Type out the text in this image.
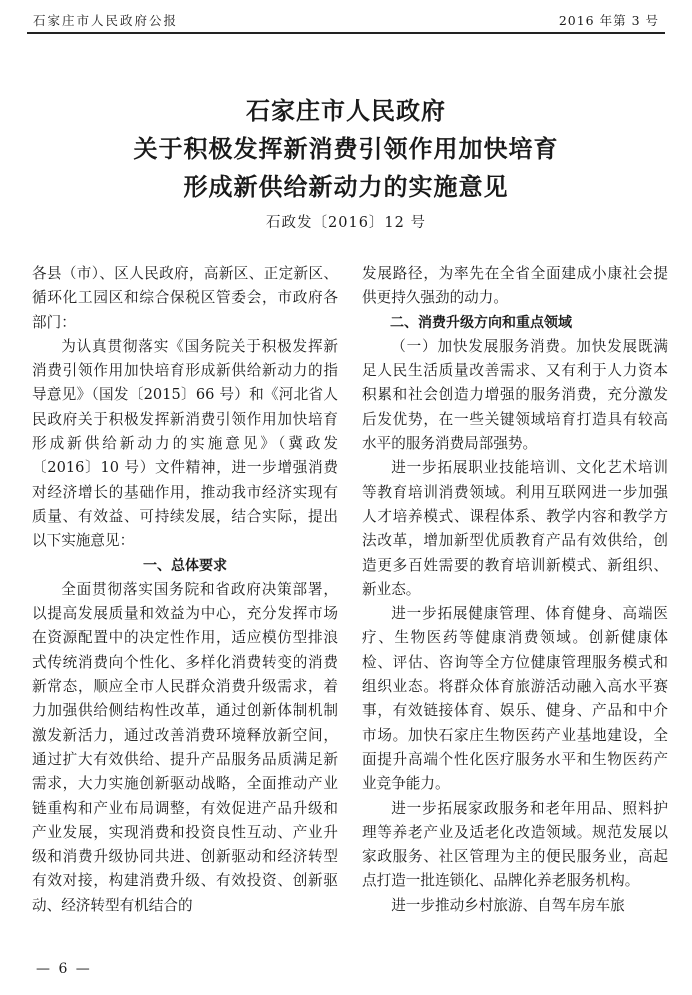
石家庄市人民政府公报	2016 年第 3 号
石家庄市人民政府
关于积极发挥新消费引领作用加快培育
形成新供给新动力的实施意见
石政发〔2016〕12 号

各县（市）、区人民政府，高新区、正定新区、循环化工园区和综合保税区管委会，市政府各部门：

为认真贯彻落实《国务院关于积极发挥新消费引领作用加快培育形成新供给新动力的指导意见》（国发〔2015〕66 号）和《河北省人民政府关于积极发挥新消费引领作用加快培育形成新供给新动力的实施意见》（冀政发〔2016〕10 号）文件精神，进一步增强消费对经济增长的基础作用，推动我市经济实现有质量、有效益、可持续发展，结合实际，提出以下实施意见：

一、总体要求

全面贯彻落实国务院和省政府决策部署，以提高发展质量和效益为中心，充分发挥市场在资源配置中的决定性作用，适应模仿型排浪式传统消费向个性化、多样化消费转变的消费新常态，顺应全市人民群众消费升级需求，着力加强供给侧结构性改革，通过创新体制机制激发新活力，通过改善消费环境释放新空间，通过扩大有效供给、提升产品服务品质满足新需求，大力实施创新驱动战略，全面推动产业链重构和产业布局调整，有效促进产品升级和产业发展，实现消费和投资良性互动、产业升级和消费升级协同共进、创新驱动和经济转型有效对接，构建消费升级、有效投资、创新驱动、经济转型有机结合的

发展路径，为率先在全省全面建成小康社会提供更持久强劲的动力。

二、消费升级方向和重点领域

（一）加快发展服务消费。加快发展既满足人民生活质量改善需求、又有利于人力资本积累和社会创造力增强的服务消费，充分激发后发优势，在一些关键领域培育打造具有较高水平的服务消费局部强势。

进一步拓展职业技能培训、文化艺术培训等教育培训消费领域。利用互联网进一步加强人才培养模式、课程体系、教学内容和教学方法改革，增加新型优质教育产品有效供给，创造更多百姓需要的教育培训新模式、新组织、新业态。

进一步拓展健康管理、体育健身、高端医疗、生物医药等健康消费领域。创新健康体检、评估、咨询等全方位健康管理服务模式和组织业态。将群众体育旅游活动融入高水平赛事，有效链接体育、娱乐、健身、产品和中介市场。加快石家庄生物医药产业基地建设，全面提升高端个性化医疗服务水平和生物医药产业竞争能力。

进一步拓展家政服务和老年用品、照料护理等养老产业及适老化改造领域。规范发展以家政服务、社区管理为主的便民服务业，高起点打造一批连锁化、品牌化养老服务机构。

进一步推动乡村旅游、自驾车房车旅

— 6 —
